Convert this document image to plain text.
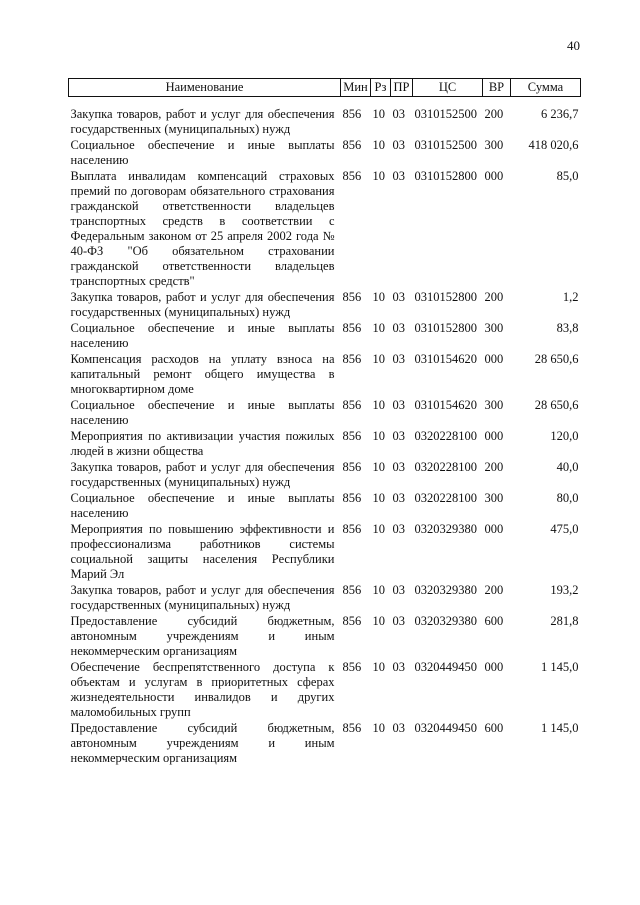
40
Наименование	Мин	Рз	ПР	ЦС	ВР	Сумма
Закупка товаров, работ и услуг для обеспечения государственных (муниципальных) нужд	856	10	03	0310152500	200	6 236,7
Социальное обеспечение и иные выплаты населению	856	10	03	0310152500	300	418 020,6
Выплата инвалидам компенсаций страховых премий по договорам обязательного страхования гражданской ответственности владельцев транспортных средств в соответствии с Федеральным законом от 25 апреля 2002 года № 40-ФЗ "Об обязательном страховании гражданской ответственности владельцев транспортных средств"	856	10	03	0310152800	000	85,0
Закупка товаров, работ и услуг для обеспечения государственных (муниципальных) нужд	856	10	03	0310152800	200	1,2
Социальное обеспечение и иные выплаты населению	856	10	03	0310152800	300	83,8
Компенсация расходов на уплату взноса на капитальный ремонт общего имущества в многоквартирном доме	856	10	03	0310154620	000	28 650,6
Социальное обеспечение и иные выплаты населению	856	10	03	0310154620	300	28 650,6
Мероприятия по активизации участия пожилых людей в жизни общества	856	10	03	0320228100	000	120,0
Закупка товаров, работ и услуг для обеспечения государственных (муниципальных) нужд	856	10	03	0320228100	200	40,0
Социальное обеспечение и иные выплаты населению	856	10	03	0320228100	300	80,0
Мероприятия по повышению эффективности и профессионализма работников системы социальной защиты населения Республики Марий Эл	856	10	03	0320329380	000	475,0
Закупка товаров, работ и услуг для обеспечения государственных (муниципальных) нужд	856	10	03	0320329380	200	193,2
Предоставление субсидий бюджетным, автономным учреждениям и иным некоммерческим организациям	856	10	03	0320329380	600	281,8
Обеспечение беспрепятственного доступа к объектам и услугам в приоритетных сферах жизнедеятельности инвалидов и других маломобильных групп	856	10	03	0320449450	000	1 145,0
Предоставление субсидий бюджетным, автономным учреждениям и иным некоммерческим организациям	856	10	03	0320449450	600	1 145,0
